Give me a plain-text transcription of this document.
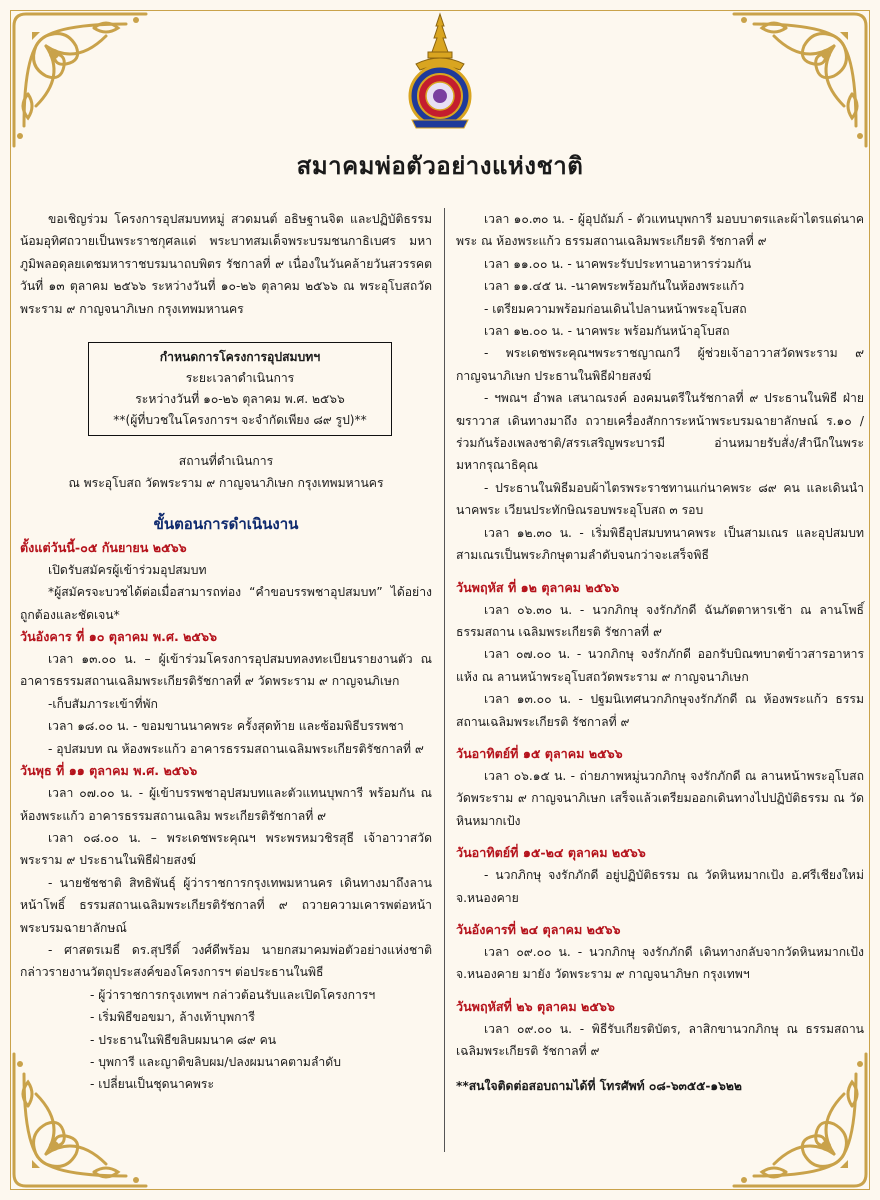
สมาคมพ่อตัวอย่างแห่งชาติ
ขอเชิญร่วม โครงการอุปสมบทหมู่ สวดมนต์ อธิษฐานจิต และปฏิบัติธรรม น้อมอุทิศถวายเป็นพระราชกุศลแด่ พระบาทสมเด็จพระบรมชนกาธิเบศร มหาภูมิพลอดุลยเดชมหาราชบรมนาถบพิตร รัชกาลที่ ๙ เนื่องในวันคล้ายวันสวรรคต วันที่ ๑๓ ตุลาคม ๒๕๖๖ ระหว่างวันที่ ๑๐-๒๖ ตุลาคม ๒๕๖๖ ณ พระอุโบสถวัดพระราม ๙ กาญจนาภิเษก กรุงเทพมหานคร
กำหนดการโครงการอุปสมบทฯ
ระยะเวลาดำเนินการ
ระหว่างวันที่ ๑๐-๒๖ ตุลาคม พ.ศ. ๒๕๖๖
**(ผู้ที่บวชในโครงการฯ จะจำกัดเพียง ๘๙ รูป)**
สถานที่ดำเนินการ
ณ พระอุโบสถ วัดพระราม ๙ กาญจนาภิเษก กรุงเทพมหานคร
ขั้นตอนการดำเนินงาน
ตั้งแต่วันนี้-๐๕ กันยายน ๒๕๖๖
เปิดรับสมัครผู้เข้าร่วมอุปสมบท
*ผู้สมัครจะบวชได้ต่อเมื่อสามารถท่อง “คำขอบรรพชาอุปสมบท” ได้อย่างถูกต้องและชัดเจน*
วันอังคาร ที่ ๑๐ ตุลาคม พ.ศ. ๒๕๖๖
เวลา ๑๓.๐๐ น. – ผู้เข้าร่วมโครงการอุปสมบทลงทะเบียนรายงานตัว ณ อาคารธรรมสถานเฉลิมพระเกียรติรัชกาลที่ ๙ วัดพระราม ๙ กาญจนภิเษก
-เก็บสัมภาระเข้าที่พัก
เวลา ๑๘.๐๐ น. - ขอมขานนาคพระ ครั้งสุดท้าย และซ้อมพิธีบรรพชา
- อุปสมบท ณ ห้องพระแก้ว อาคารธรรมสถานเฉลิมพระเกียรติรัชกาลที่ ๙
วันพุธ ที่ ๑๑ ตุลาคม พ.ศ. ๒๕๖๖
เวลา ๐๗.๐๐ น. - ผู้เข้าบรรพชาอุปสมบทและตัวแทนบุพการี พร้อมกัน ณ ห้องพระแก้ว อาคารธรรมสถานเฉลิม พระเกียรติรัชกาลที่ ๙
เวลา ๐๘.๐๐ น. – พระเดชพระคุณฯ พระพรหมวชิรสุธี เจ้าอาวาสวัดพระราม ๙ ประธานในพิธีฝ่ายสงฆ์
- นายชัชชาติ สิทธิพันธุ์ ผู้ว่าราชการกรุงเทพมหานคร เดินทางมาถึงลานหน้าโพธิ์ ธรรมสถานเฉลิมพระเกียรติรัชกาลที่ ๙ ถวายความเคารพต่อหน้าพระบรมฉายาลักษณ์
- ศาสตรเมธี ดร.สุปรีดิ์ วงศ์ดีพร้อม นายกสมาคมพ่อตัวอย่างแห่งชาติ กล่าวรายงานวัตถุประสงค์ของโครงการฯ ต่อประธานในพิธี
- ผู้ว่าราชการกรุงเทพฯ กล่าวต้อนรับและเปิดโครงการฯ
- เริ่มพิธีขอขมา, ล้างเท้าบุพการี
- ประธานในพิธีขลิบผมนาค ๘๙ คน
- บุพการี และญาติขลิบผม/ปลงผมนาคตามลำดับ
- เปลี่ยนเป็นชุดนาคพระ
เวลา ๑๐.๓๐ น. - ผู้อุปถัมภ์ - ตัวแทนบุพการี มอบบาตรและผ้าไตรแด่นาคพระ ณ ห้องพระแก้ว ธรรมสถานเฉลิมพระเกียรติ รัชกาลที่ ๙
เวลา ๑๑.๐๐ น. - นาคพระรับประทานอาหารร่วมกัน
เวลา ๑๑.๔๕ น. -นาคพระพร้อมกันในห้องพระแก้ว
- เตรียมความพร้อมก่อนเดินไปลานหน้าพระอุโบสถ
เวลา ๑๒.๐๐ น. - นาคพระ พร้อมกันหน้าอุโบสถ
- พระเดชพระคุณฯพระราชญาณกวี ผู้ช่วยเจ้าอาวาสวัดพระราม ๙ กาญจนาภิเษก ประธานในพิธีฝ่ายสงฆ์
- ฯพณฯ อำพล เสนาณรงค์ องคมนตรีในรัชกาลที่ ๙ ประธานในพิธี ฝ่ายฆราวาส เดินทางมาถึง ถวายเครื่องสักการะหน้าพระบรมฉายาลักษณ์ ร.๑๐ /ร่วมกันร้องเพลงชาติ/สรรเสริญพระบารมี อ่านหมายรับสั่ง/สำนึกในพระมหากรุณาธิคุณ
- ประธานในพิธีมอบผ้าไตรพระราชทานแก่นาคพระ ๘๙ คน และเดินนำนาคพระ เวียนประทักษิณรอบพระอุโบสถ ๓ รอบ
เวลา ๑๒.๓๐ น. - เริ่มพิธีอุปสมบทนาคพระ เป็นสามเณร และอุปสมบทสามเณรเป็นพระภิกษุตามลำดับจนกว่าจะเสร็จพิธี
วันพฤหัส ที่ ๑๒ ตุลาคม ๒๕๖๖
เวลา ๐๖.๓๐ น. - นวกภิกษุ จงรักภักดี ฉันภัตตาหารเช้า ณ ลานโพธิ์ ธรรมสถาน เฉลิมพระเกียรติ รัชกาลที่ ๙
เวลา ๐๗.๐๐ น. - นวกภิกษุ จงรักภักดี ออกรับบิณฑบาตข้าวสารอาหารแห้ง ณ ลานหน้าพระอุโบสถวัดพระราม ๙ กาญจนาภิเษก
เวลา ๑๓.๐๐ น. - ปฐมนิเทศนวกภิกษุจงรักภักดี ณ ห้องพระแก้ว ธรรมสถานเฉลิมพระเกียรติ รัชกาลที่ ๙
วันอาทิตย์ที่ ๑๕ ตุลาคม ๒๕๖๖
เวลา ๐๖.๑๕ น. - ถ่ายภาพหมู่นวกภิกษุ จงรักภักดี ณ ลานหน้าพระอุโบสถวัดพระราม ๙ กาญจนาภิเษก เสร็จแล้วเตรียมออกเดินทางไปปฏิบัติธรรม ณ วัดหินหมากเป้ง
วันอาทิตย์ที่ ๑๕-๒๔ ตุลาคม ๒๕๖๖
- นวกภิกษุ จงรักภักดี อยู่ปฏิบัติธรรม ณ วัดหินหมากเป้ง อ.ศรีเชียงใหม่ จ.หนองคาย
วันอังคารที่ ๒๔ ตุลาคม ๒๕๖๖
เวลา ๐๙.๐๐ น. - นวกภิกษุ จงรักภักดี เดินทางกลับจากวัดหินหมากเป้ง จ.หนองคาย มายัง วัดพระราม ๙ กาญจนาภิษก กรุงเทพฯ
วันพฤหัสที่ ๒๖ ตุลาคม ๒๕๖๖
เวลา ๐๙.๐๐ น. - พิธีรับเกียรติบัตร, ลาสิกขานวกภิกษุ ณ ธรรมสถานเฉลิมพระเกียรติ รัชกาลที่ ๙
**สนใจติดต่อสอบถามได้ที่ โทรศัพท์ ๐๘-๖๓๕๕-๑๖๒๒
